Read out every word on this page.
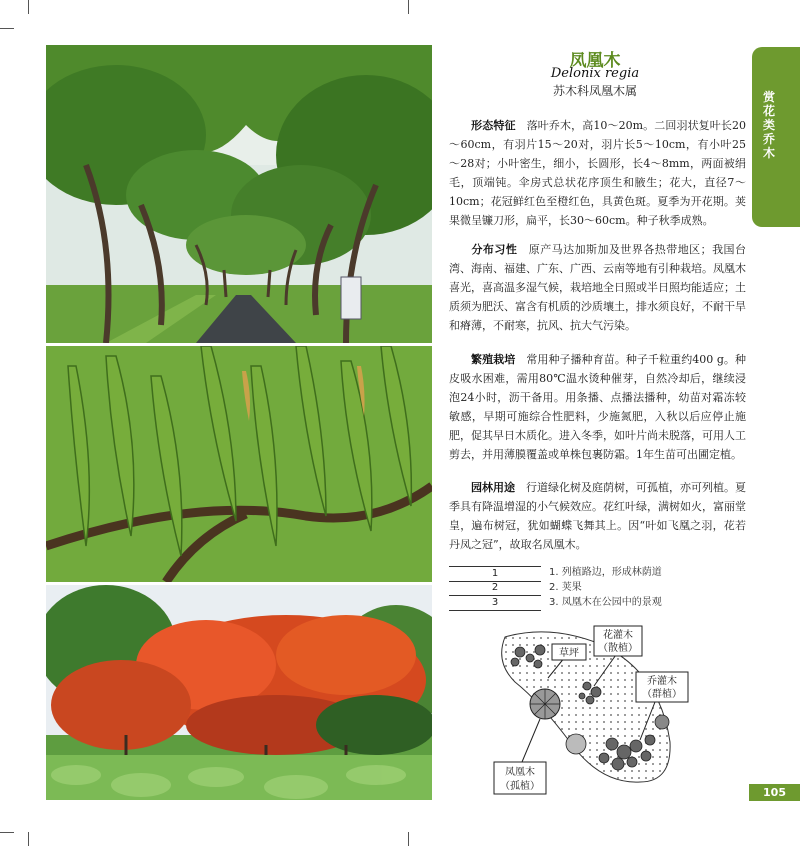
凤凰木
Delonix regia
苏木科凤凰木属

形态特征　 落叶乔木，高10～20m。二回羽状复叶长20～60cm，有羽片15～20对，羽片长5～10cm，有小叶25～28对；小叶密生，细小，长圆形，长4～8mm，两面被绢毛，顶端钝。伞房式总状花序顶生和腋生；花大，直径7～10cm；花冠鲜红色至橙红色，具黄色斑。夏季为开花期。荚果微呈镰刀形，扁平，长30～60cm。种子秋季成熟。

分布习性　 原产马达加斯加及世界各热带地区；我国台湾、海南、福建、广东、广西、云南等地有引种栽培。凤凰木喜光，喜高温多湿气候，栽培地全日照或半日照均能适应；土质须为肥沃、富含有机质的沙质壤土，排水须良好，不耐干旱和瘠薄，不耐寒，抗风、抗大气污染。

繁殖栽培　 常用种子播种育苗。种子千粒重约400 g。种皮吸水困难，需用80℃温水烫种催芽，自然冷却后，继续浸泡24小时，沥干备用。用条播、点播法播种，幼苗对霜冻较敏感，早期可施综合性肥料，少施氮肥，入秋以后应停止施肥，促其早日木质化。进入冬季，如叶片尚未脱落，可用人工剪去，并用薄膜覆盖或单株包裹防霜。1年生苗可出圃定植。

园林用途　 行道绿化树及庭荫树，可孤植，亦可列植。夏季具有降温增湿的小气候效应。花红叶绿，满树如火，富丽堂皇，遍布树冠，犹如蝴蝶飞舞其上。因“叶如飞凰之羽，花若丹凤之冠”，故取名凤凰木。

1	1. 列植路边，形成林荫道
2	2. 荚果
3	3. 凤凰木在公园中的景观
草坪
花灌木
（散植）
乔灌木
（群植）
凤凰木
（孤植）
赏花类乔木
105
